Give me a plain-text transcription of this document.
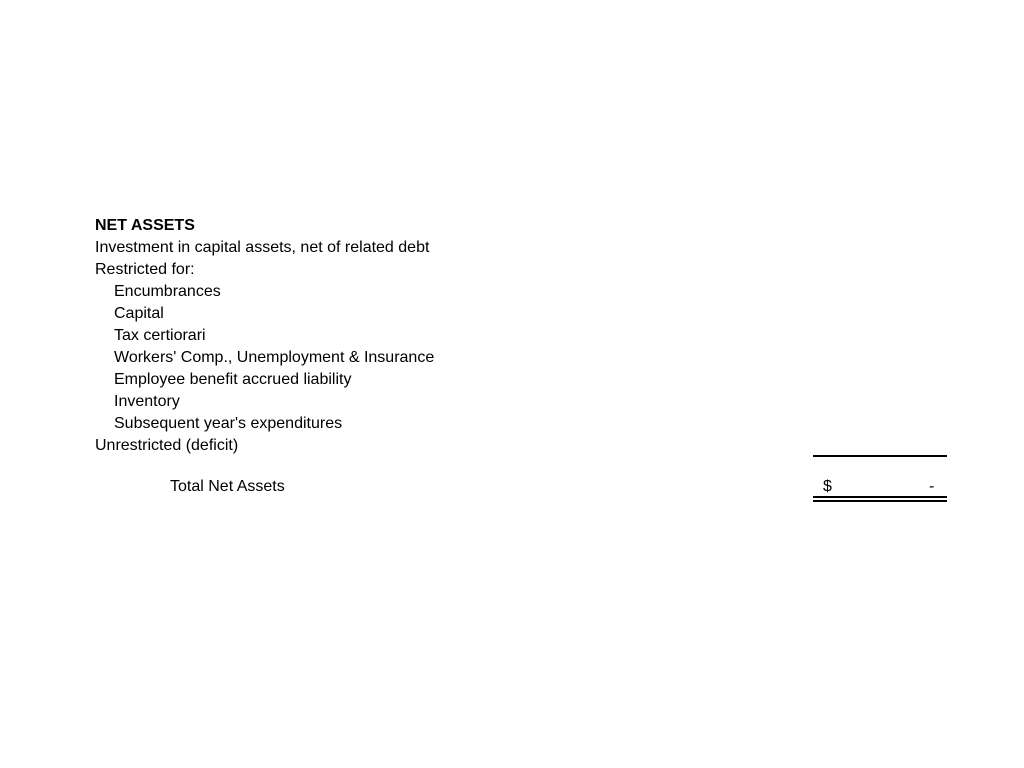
NET ASSETS
Investment in capital assets, net of related debt
Restricted for:
Encumbrances
Capital
Tax certiorari
Workers' Comp., Unemployment & Insurance
Employee benefit accrued liability
Inventory
Subsequent year's expenditures
Unrestricted (deficit)
Total Net Assets	$	-
